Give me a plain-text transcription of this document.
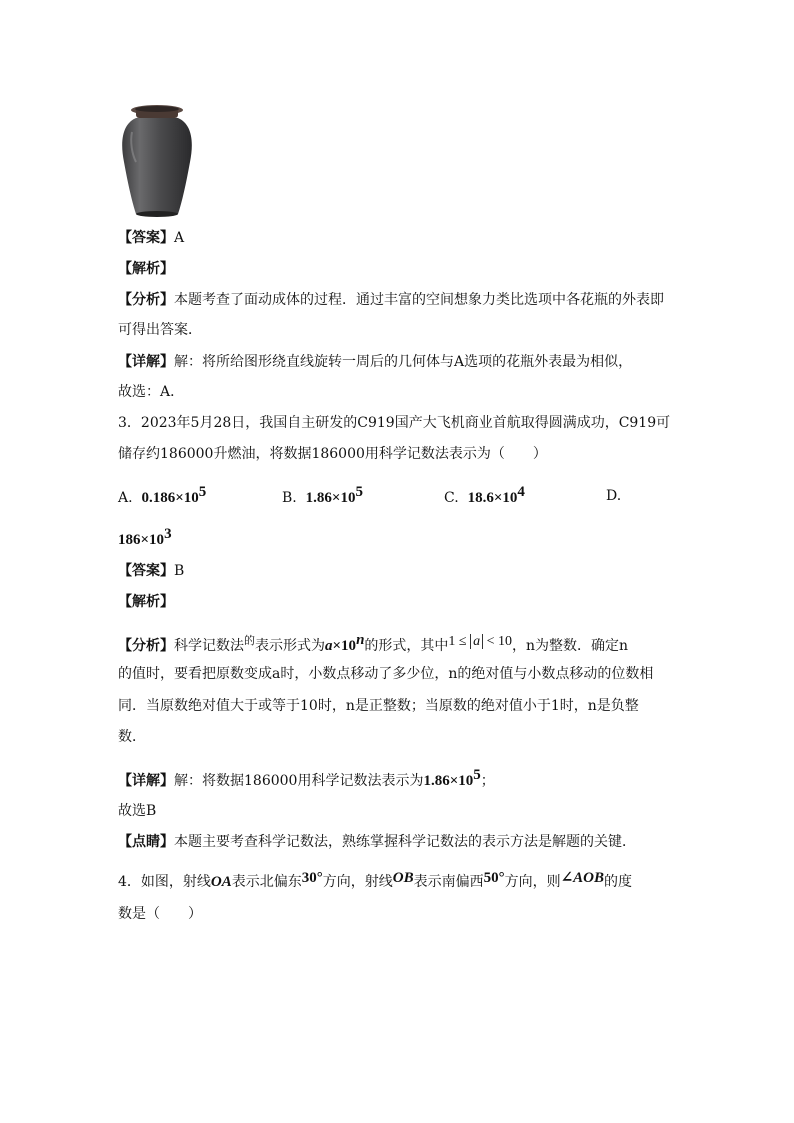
【答案】A
【解析】
【分析】本题考查了面动成体的过程．通过丰富的空间想象力类比选项中各花瓶的外表即
可得出答案．
【详解】解：将所给图形绕直线旋转一周后的几何体与A选项的花瓶外表最为相似，
故选：A．
3．2023年5月28日，我国自主研发的C919国产大飞机商业首航取得圆满成功，C919可
储存约186000升燃油，将数据186000用科学记数法表示为（　　）
A. $0.186\times 10^5$	B. $1.86\times 10^5$	C. $18.6\times 10^4$	D.
$186\times 10^3$
【答案】B
【解析】
【分析】科学记数法$^的$表示形式为$a\times 10^n$的形式，其中1 ≤ a < 10，n为整数．确定n
的值时，要看把原数变成a时，小数点移动了多少位，n的绝对值与小数点移动的位数相
同．当原数绝对值大于或等于10时，n是正整数；当原数的绝对值小于1时，n是负整
数．
【详解】解：将数据186000用科学记数法表示为$1.86\times 10^5$；
故选B
【点睛】本题主要考查科学记数法，熟练掌握科学记数法的表示方法是解题的关键．
4．如图，射线OA表示北偏东30°方向，射线OB表示南偏西50°方向，则∠AOB的度
数是（　　）
